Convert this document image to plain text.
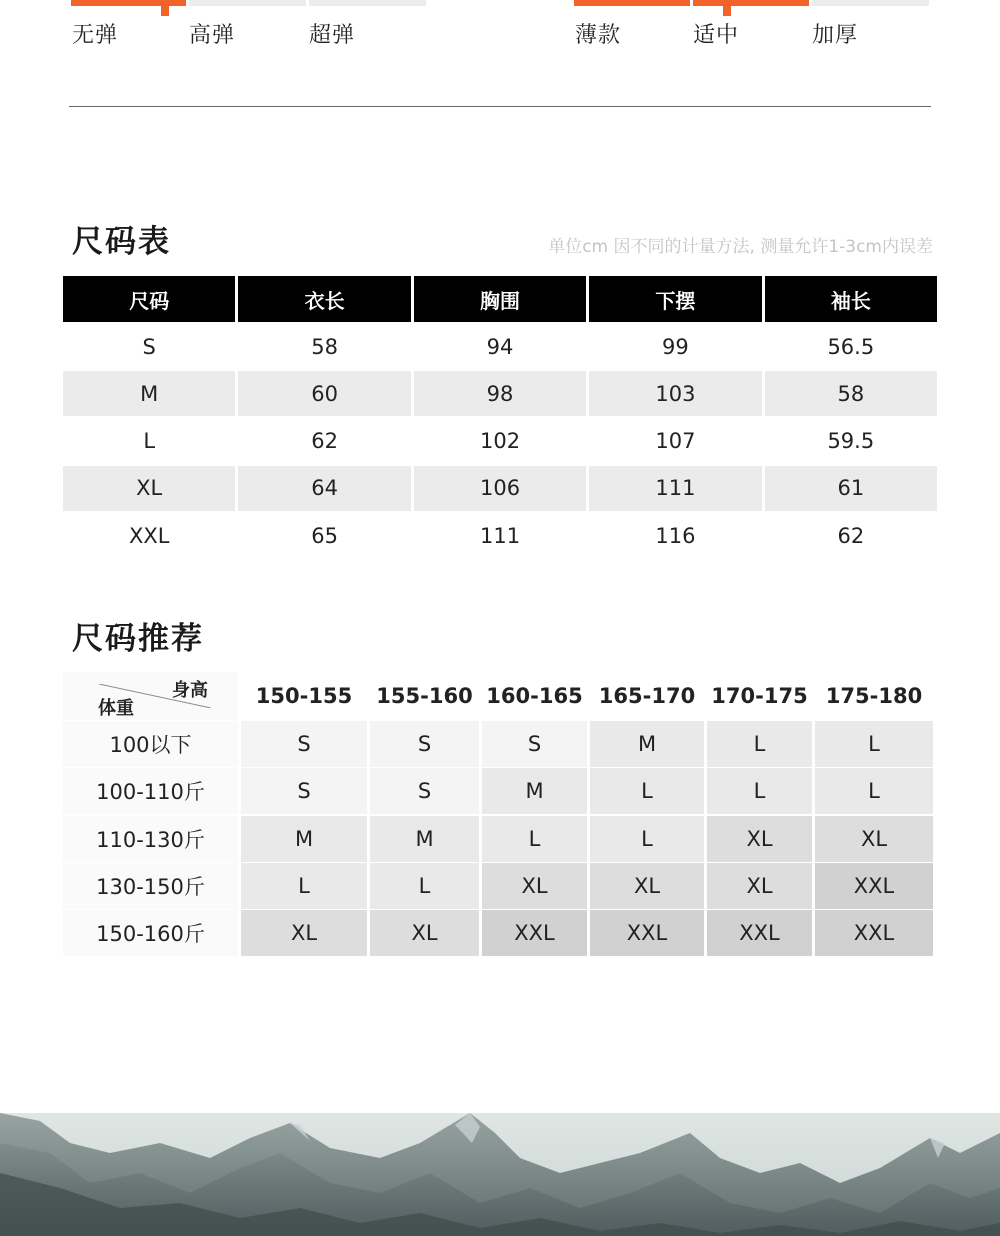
无弹	高弹	超弹	薄款	适中	加厚
尺码表	单位cm 因不同的计量方法, 测量允许1-3cm内误差

尺码	衣长	胸围	下摆	袖长
S	58	94	99	56.5
M	60	98	103	58
L	62	102	107	59.5
XL	64	106	111	61
XXL	65	111	116	62
尺码推荐
身高
体重
150-155	155-160 160-165 165-170 170-175 175-180
100以下	S	S	S	M	L	L
100-110斤	S	S	M	L	L	L
110-130斤	M	M	L	L	XL	XL
130-150斤	L	L	XL	XL	XL	XXL
150-160斤	XL	XL	XXL	XXL	XXL	XXL
